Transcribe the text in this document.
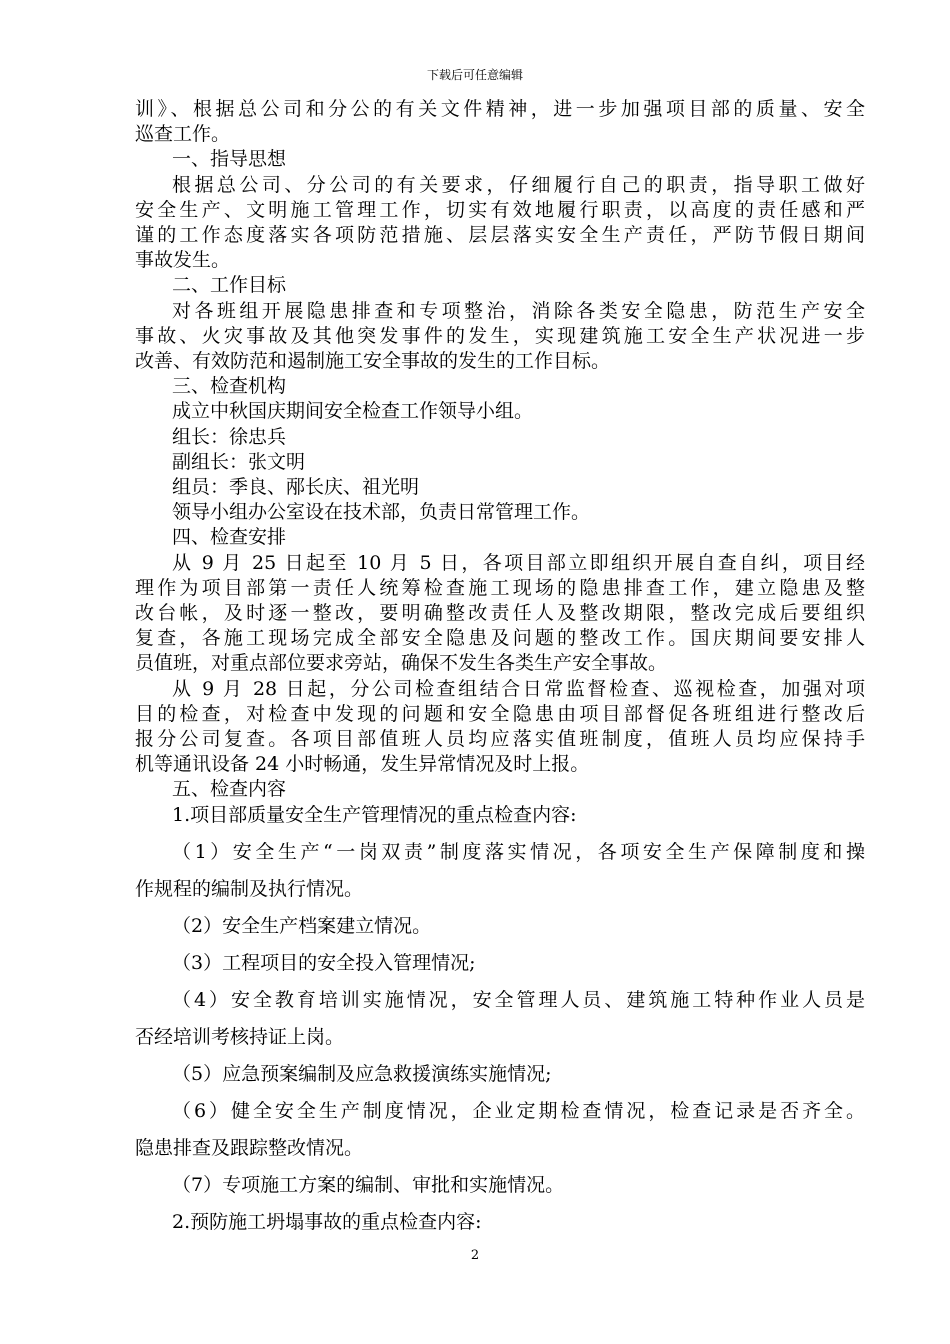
下载后可任意编辑

训》、根据总公司和分公的有关文件精神，进一步加强项目部的质量、安全

巡查工作。

一、指导思想

根据总公司、分公司的有关要求，仔细履行自己的职责，指导职工做好

安全生产、文明施工管理工作，切实有效地履行职责，以高度的责任感和严

谨的工作态度落实各项防范措施、层层落实安全生产责任，严防节假日期间

事故发生。

二、工作目标

对各班组开展隐患排查和专项整治，消除各类安全隐患，防范生产安全

事故、火灾事故及其他突发事件的发生，实现建筑施工安全生产状况进一步

改善、有效防范和遏制施工安全事故的发生的工作目标。

三、检查机构

成立中秋国庆期间安全检查工作领导小组。

组长：徐忠兵

副组长：张文明

组员：季良、邴长庆、祖光明

领导小组办公室设在技术部，负责日常管理工作。

四、检查安排

从 9 月 25 日起至 10 月 5 日，各项目部立即组织开展自查自纠，项目经

理作为项目部第一责任人统筹检查施工现场的隐患排查工作，建立隐患及整

改台帐，及时逐一整改，要明确整改责任人及整改期限，整改完成后要组织

复查，各施工现场完成全部安全隐患及问题的整改工作。国庆期间要安排人

员值班，对重点部位要求旁站，确保不发生各类生产安全事故。

从 9 月 28 日起，分公司检查组结合日常监督检查、巡视检查，加强对项

目的检查，对检查中发现的问题和安全隐患由项目部督促各班组进行整改后

报分公司复查。各项目部值班人员均应落实值班制度，值班人员均应保持手

机等通讯设备 24 小时畅通，发生异常情况及时上报。

五、检查内容

1.项目部质量安全生产管理情况的重点检查内容:

（1）安全生产“一岗双责”制度落实情况，各项安全生产保障制度和操

作规程的编制及执行情况。

（2）安全生产档案建立情况。

（3）工程项目的安全投入管理情况;

（4）安全教育培训实施情况，安全管理人员、建筑施工特种作业人员是

否经培训考核持证上岗。

（5）应急预案编制及应急救援演练实施情况;

（6）健全安全生产制度情况，企业定期检查情况，检查记录是否齐全。

隐患排查及跟踪整改情况。

（7）专项施工方案的编制、审批和实施情况。

2.预防施工坍塌事故的重点检查内容:

2
